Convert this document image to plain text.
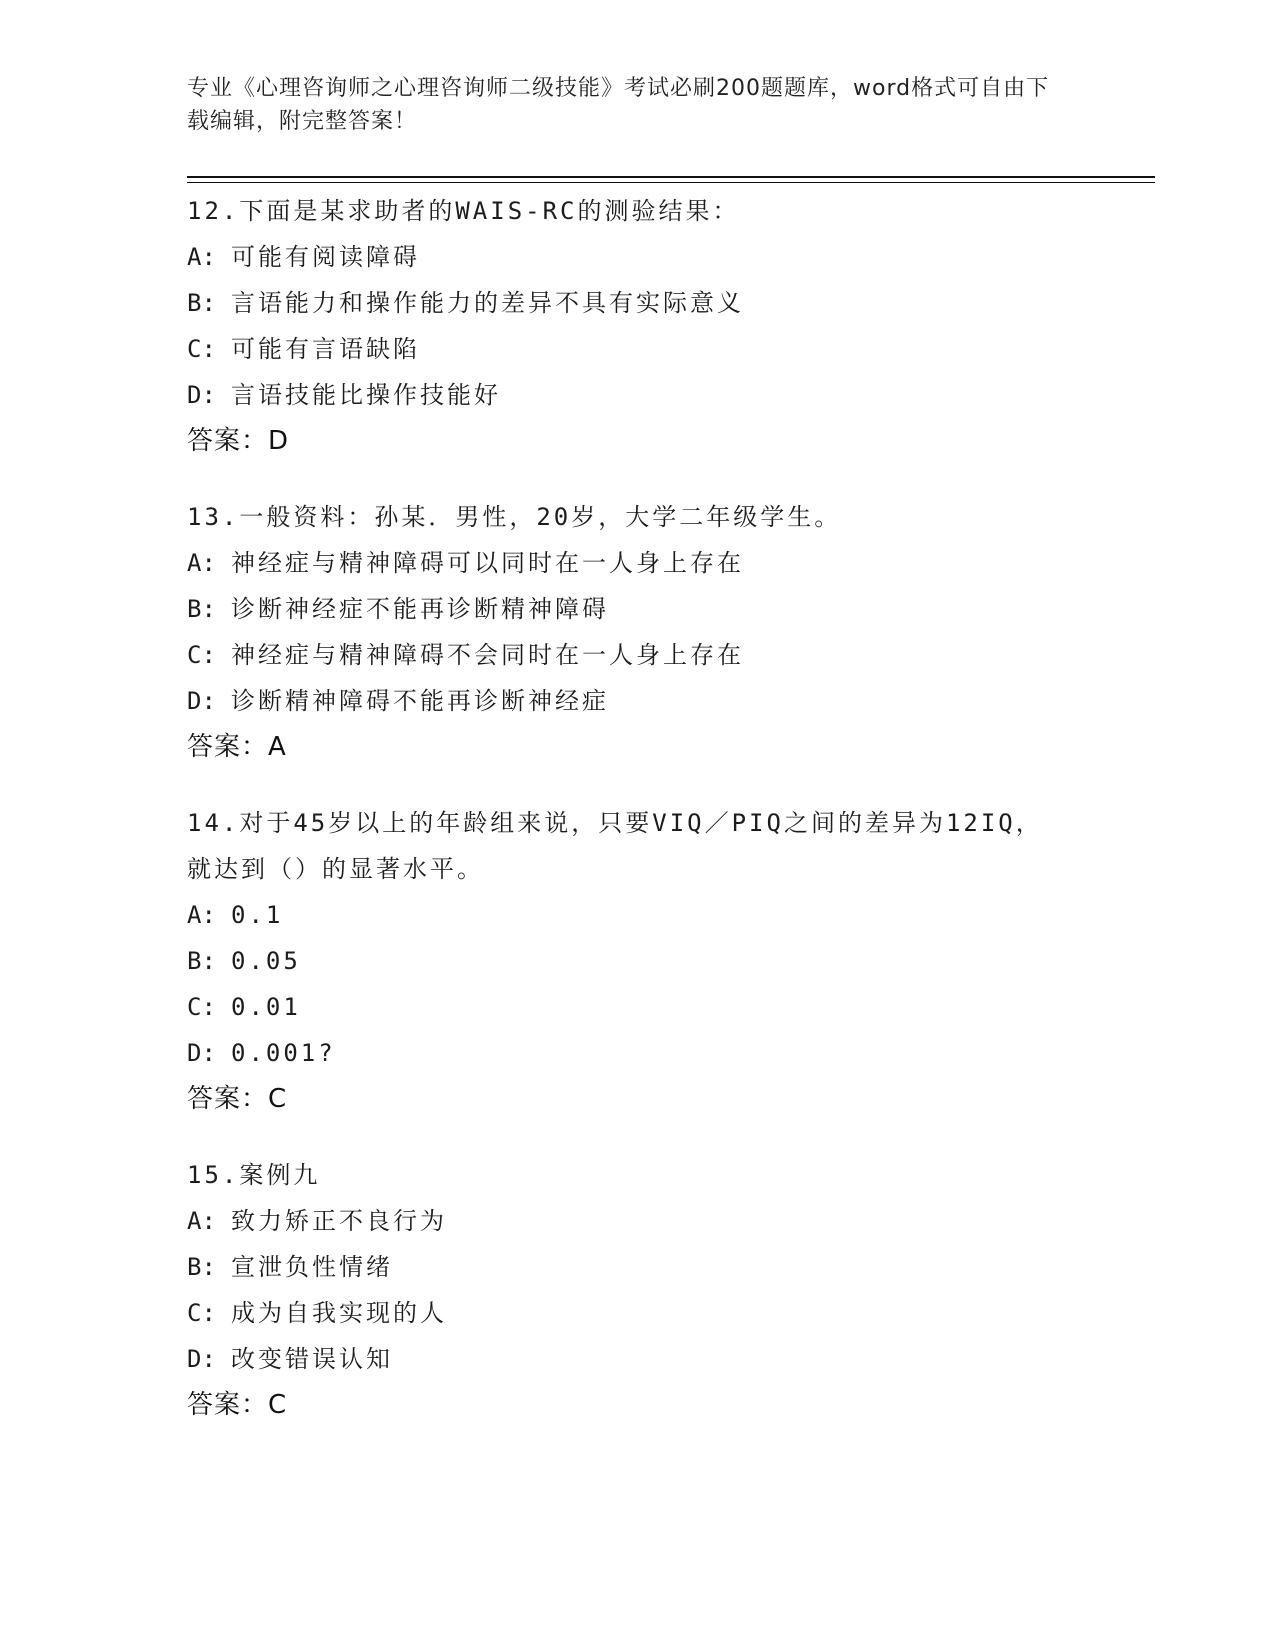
专业《心理咨询师之心理咨询师二级技能》考试必刷200题题库，word格式可自由下载编辑，附完整答案！
12.下面是某求助者的WAIS-RC的测验结果：
A: 可能有阅读障碍
B: 言语能力和操作能力的差异不具有实际意义
C: 可能有言语缺陷
D: 言语技能比操作技能好
答案：D
13.一般资料：孙某．男性，20岁，大学二年级学生。
A: 神经症与精神障碍可以同时在一人身上存在
B: 诊断神经症不能再诊断精神障碍
C: 神经症与精神障碍不会同时在一人身上存在
D: 诊断精神障碍不能再诊断神经症
答案：A
14.对于45岁以上的年龄组来说，只要VIQ／PIQ之间的差异为12IQ，就达到（）的显著水平。
A: 0.1
B: 0.05
C: 0.01
D: 0.001?
答案：C
15.案例九
A: 致力矫正不良行为
B: 宣泄负性情绪
C: 成为自我实现的人
D: 改变错误认知
答案：C
